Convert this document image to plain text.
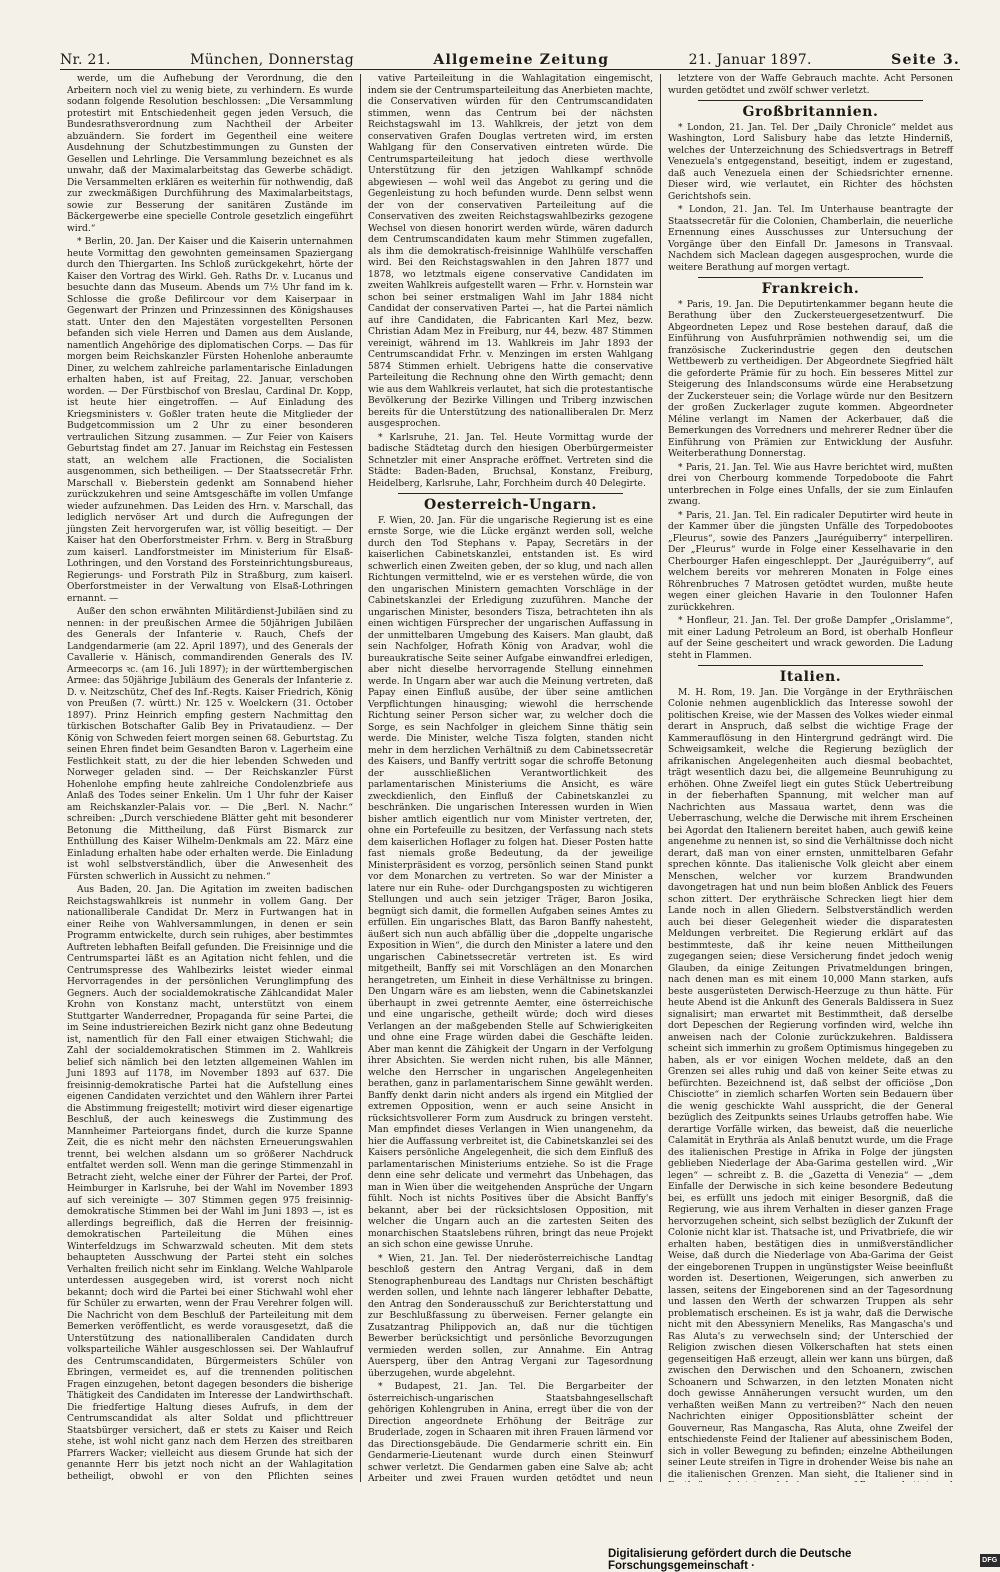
Nr. 21.	München, Donnerstag	Allgemeine Zeitung	21. Januar 1897.	Seite 3.

werde, um die Aufhebung der Verordnung, die den Arbeitern noch viel zu wenig biete, zu verhindern. Es wurde sodann folgende Resolution beschlossen: „Die Versammlung protestirt mit Entschiedenheit gegen jeden Versuch, die Bundesrathsverordnung zum Nachtheil der Arbeiter abzuändern. Sie fordert im Gegentheil eine weitere Ausdehnung der Schutzbestimmungen zu Gunsten der Gesellen und Lehrlinge. Die Versammlung bezeichnet es als unwahr, daß der Maximalarbeitstag das Gewerbe schädigt. Die Versammelten erklären es weiterhin für nothwendig, daß zur zweckmäßigen Durchführung des Maximalarbeitstags, sowie zur Besserung der sanitären Zustände im Bäckergewerbe eine specielle Controle gesetzlich eingeführt wird.“

* Berlin, 20. Jan. Der Kaiser und die Kaiserin unternahmen heute Vormittag den gewohnten gemeinsamen Spaziergang durch den Thiergarten. Ins Schloß zurückgekehrt, hörte der Kaiser den Vortrag des Wirkl. Geh. Raths Dr. v. Lucanus und besuchte dann das Museum. Abends um 7½ Uhr fand im k. Schlosse die große Defilircour vor dem Kaiserpaar in Gegenwart der Prinzen und Prinzessinnen des Königshauses statt. Unter den den Majestäten vorgestellten Personen befanden sich viele Herren und Damen aus dem Auslande, namentlich Angehörige des diplomatischen Corps. — Das für morgen beim Reichskanzler Fürsten Hohenlohe anberaumte Diner, zu welchem zahlreiche parlamentarische Einladungen erhalten haben, ist auf Freitag, 22. Januar, verschoben worden. — Der Fürstbischof von Breslau, Cardinal Dr. Kopp, ist heute hier eingetroffen. — Auf Einladung des Kriegsministers v. Goßler traten heute die Mitglieder der Budgetcommission um 2 Uhr zu einer besonderen vertraulichen Sitzung zusammen. — Zur Feier von Kaisers Geburtstag findet am 27. Januar im Reichstag ein Festessen statt, an welchem alle Fractionen, die Socialisten ausgenommen, sich betheiligen. — Der Staatssecretär Frhr. Marschall v. Bieberstein gedenkt am Sonnabend hieher zurückzukehren und seine Amtsgeschäfte im vollen Umfange wieder aufzunehmen. Das Leiden des Hrn. v. Marschall, das lediglich nervöser Art und durch die Aufregungen der jüngsten Zeit hervorgerufen war, ist völlig beseitigt. — Der Kaiser hat den Oberforstmeister Frhrn. v. Berg in Straßburg zum kaiserl. Landforstmeister im Ministerium für Elsaß-Lothringen, und den Vorstand des Forsteinrichtungsbureaus, Regierungs- und Forstrath Pilz in Straßburg, zum kaiserl. Oberforstmeister in der Verwaltung von Elsaß-Lothringen ernannt. —

Außer den schon erwähnten Militärdienst-Jubiläen sind zu nennen: in der preußischen Armee die 50jährigen Jubiläen des Generals der Infanterie v. Rauch, Chefs der Landgendarmerie (am 22. April 1897), und des Generals der Cavallerie v. Hänisch, commandirenden Generals des IV. Armeecorps ꝛc. (am 16. Juli 1897); in der württembergischen Armee: das 50jährige Jubiläum des Generals der Infanterie z. D. v. Neitzschütz, Chef des Inf.-Regts. Kaiser Friedrich, König von Preußen (7. württ.) Nr. 125 v. Woelckern (31. October 1897). Prinz Heinrich empfing gestern Nachmittag den türkischen Botschafter Galib Bey in Privataudienz. — Der König von Schweden feiert morgen seinen 68. Geburtstag. Zu seinen Ehren findet beim Gesandten Baron v. Lagerheim eine Festlichkeit statt, zu der die hier lebenden Schweden und Norweger geladen sind. — Der Reichskanzler Fürst Hohenlohe empfing heute zahlreiche Condolenzbriefe aus Anlaß des Todes seiner Enkelin. Um 1 Uhr fuhr der Kaiser am Reichskanzler-Palais vor. — Die „Berl. N. Nachr.“ schreiben: „Durch verschiedene Blätter geht mit besonderer Betonung die Mittheilung, daß Fürst Bismarck zur Enthüllung des Kaiser Wilhelm-Denkmals am 22. März eine Einladung erhalten habe oder erhalten werde. Die Einladung ist wohl selbstverständlich, über die Anwesenheit des Fürsten schwerlich in Aussicht zu nehmen.“

Aus Baden, 20. Jan. Die Agitation im zweiten badischen Reichstagswahlkreis ist nunmehr in vollem Gang. Der nationalliberale Candidat Dr. Merz in Furtwangen hat in einer Reihe von Wahlversammlungen, in denen er sein Programm entwickelte, durch sein ruhiges, aber bestimmtes Auftreten lebhaften Beifall gefunden. Die Freisinnige und die Centrumspartei läßt es an Agitation nicht fehlen, und die Centrumspresse des Wahlbezirks leistet wieder einmal Hervorragendes in der persönlichen Verunglimpfung des Gegners. Auch der socialdemokratische Zählcandidat Maler Krohn von Konstanz macht, unterstützt von einem Stuttgarter Wanderredner, Propaganda für seine Partei, die im Seine industriereichen Bezirk nicht ganz ohne Bedeutung ist, namentlich für den Fall einer etwaigen Stichwahl; die Zahl der socialdemokratischen Stimmen im 2. Wahlkreis belief sich nämlich bei den letzten allgemeinen Wahlen im Juni 1893 auf 1178, im November 1893 auf 637. Die freisinnig-demokratische Partei hat die Aufstellung eines eigenen Candidaten verzichtet und den Wählern ihrer Partei die Abstimmung freigestellt; motivirt wird dieser eigenartige Beschluß, der auch keineswegs die Zustimmung des Mannheimer Parteiorgans findet, durch die kurze Spanne Zeit, die es nicht mehr den nächsten Erneuerungswahlen trennt, bei welchen alsdann um so größerer Nachdruck entfaltet werden soll. Wenn man die geringe Stimmenzahl in Betracht zieht, welche einer der Führer der Partei, der Prof. Heimburger in Karlsruhe, bei der Wahl im November 1893 auf sich vereinigte — 307 Stimmen gegen 975 freisinnig-demokratische Stimmen bei der Wahl im Juni 1893 —, ist es allerdings begreiflich, daß die Herren der freisinnig-demokratischen Parteileitung die Mühen eines Winterfeldzugs im Schwarzwald scheuten. Mit dem stets behaupteten Ausschwung der Partei steht ein solches Verhalten freilich nicht sehr im Einklang. Welche Wahlparole unterdessen ausgegeben wird, ist vorerst noch nicht bekannt; doch wird die Partei bei einer Stichwahl wohl eher für Schüler zu erwarten, wenn der Frau Verehrer folgen will. Die Nachricht von dem Beschluß der Parteileitung mit dem Bemerken veröffentlicht, es werde vorausgesetzt, daß die Unterstützung des nationalliberalen Candidaten durch volksparteiliche Wähler ausgeschlossen sei. Der Wahlaufruf des Centrumscandidaten, Bürgermeisters Schüler von Ebringen, vermeidet es, auf die trennenden politischen Fragen einzugehen, betont dagegen besonders die bisherige Thätigkeit des Candidaten im Interesse der Landwirthschaft. Die friedfertige Haltung dieses Aufrufs, in dem der Centrumscandidat als alter Soldat und pflichttreuer Staatsbürger versichert, daß er stets zu Kaiser und Reich stehe, ist wohl nicht ganz nach dem Herzen des streitbaren Pfarrers Wacker; vielleicht aus diesem Grunde hat sich der genannte Herr bis jetzt noch nicht an der Wahlagitation betheiligt, obwohl er von den Pflichten seines

vative Parteileitung in die Wahlagitation eingemischt, indem sie der Centrumsparteileitung das Anerbieten machte, die Conservativen würden für den Centrumscandidaten stimmen, wenn das Centrum bei der nächsten Reichstagswahl im 13. Wahlkreis, der jetzt von dem conservativen Grafen Douglas vertreten wird, im ersten Wahlgang für den Conservativen eintreten würde. Die Centrumsparteileitung hat jedoch diese werthvolle Unterstützung für den jetzigen Wahlkampf schnöde abgewiesen — wohl weil das Angebot zu gering und die Gegenleistung zu hoch befunden wurde. Denn selbst wenn der von der conservativen Parteileitung auf die Conservativen des zweiten Reichstagswahlbezirks gezogene Wechsel von diesen honorirt werden würde, wären dadurch dem Centrumscandidaten kaum mehr Stimmen zugefallen, als ihm die demokratisch-freisinnige Wahlhülfe verschaffen wird. Bei den Reichstagswahlen in den Jahren 1877 und 1878, wo letztmals eigene conservative Candidaten im zweiten Wahlkreis aufgestellt waren — Frhr. v. Hornstein war schon bei seiner erstmaligen Wahl im Jahr 1884 nicht Candidat der conservativen Partei —, hat die Partei nämlich auf ihre Candidaten, die Fabricanten Karl Mez, bezw. Christian Adam Mez in Freiburg, nur 44, bezw. 487 Stimmen vereinigt, während im 13. Wahlkreis im Jahr 1893 der Centrumscandidat Frhr. v. Menzingen im ersten Wahlgang 5874 Stimmen erhielt. Uebrigens hatte die conservative Parteileitung die Rechnung ohne den Wirth gemacht; denn wie aus dem Wahlkreis verlautet, hat sich die protestantische Bevölkerung der Bezirke Villingen und Triberg inzwischen bereits für die Unterstützung des nationalliberalen Dr. Merz ausgesprochen.

* Karlsruhe, 21. Jan. Tel. Heute Vormittag wurde der badische Städtetag durch den hiesigen Oberbürgermeister Schnetzler mit einer Ansprache eröffnet. Vertreten sind die Städte: Baden-Baden, Bruchsal, Konstanz, Freiburg, Heidelberg, Karlsruhe, Lahr, Forchheim durch 40 Delegirte.

Oesterreich-Ungarn.

F. Wien, 20. Jan. Für die ungarische Regierung ist es eine ernste Sorge, wie die Lücke ergänzt werden soll, welche durch den Tod Stephans v. Papay, Secretärs in der kaiserlichen Cabinetskanzlei, entstanden ist. Es wird schwerlich einen Zweiten geben, der so klug, und nach allen Richtungen vermittelnd, wie er es verstehen würde, die von den ungarischen Ministern gemachten Vorschläge in der Cabinetskanzlei der Erledigung zuzuführen. Manche der ungarischen Minister, besonders Tisza, betrachteten ihn als einen wichtigen Fürsprecher der ungarischen Auffassung in der unmittelbaren Umgebung des Kaisers. Man glaubt, daß sein Nachfolger, Hofrath König von Aradvar, wohl die bureaukratische Seite seiner Aufgabe einwandfrei erledigen, aber nicht dieselbe hervorragende Stellung einnehmen werde. In Ungarn aber war auch die Meinung vertreten, daß Papay einen Einfluß ausübe, der über seine amtlichen Verpflichtungen hinausging; wiewohl die herrschende Richtung seiner Person sicher war, zu welcher doch die Sorge, es sein Nachfolger in gleichem Sinne thätig sein werde. Die Minister, welche Tisza folgten, standen nicht mehr in dem herzlichen Verhältniß zu dem Cabinetssecretär des Kaisers, und Banffy vertritt sogar die schroffe Betonung der ausschließlichen Verantwortlichkeit des parlamentarischen Ministeriums die Ansicht, es wäre zweckdienlich, den Einfluß der Cabinetskanzlei zu beschränken. Die ungarischen Interessen wurden in Wien bisher amtlich eigentlich nur vom Minister vertreten, der, ohne ein Portefeuille zu besitzen, der Verfassung nach stets dem kaiserlichen Hoflager zu folgen hat. Dieser Posten hatte fast niemals große Bedeutung, da der jeweilige Ministerpräsident es vorzog, persönlich seinen Stand punkt vor dem Monarchen zu vertreten. So war der Minister a latere nur ein Ruhe- oder Durchgangsposten zu wichtigeren Stellungen und auch sein jetziger Träger, Baron Josika, begnügt sich damit, die formellen Aufgaben seines Amtes zu erfüllen. Ein ungarisches Blatt, das Baron Banffy nahesteht, äußert sich nun auch abfällig über die „doppelte ungarische Exposition in Wien“, die durch den Minister a latere und den ungarischen Cabinetssecretär vertreten ist. Es wird mitgetheilt, Banffy sei mit Vorschlägen an den Monarchen herangetreten, um Einheit in diese Verhältnisse zu bringen. Den Ungarn wäre es am liebsten, wenn die Cabinetskanzlei überhaupt in zwei getrennte Aemter, eine österreichische und eine ungarische, getheilt würde; doch wird dieses Verlangen an der maßgebenden Stelle auf Schwierigkeiten und ohne eine Frage würden dabei die Geschäfte leiden. Aber man kennt die Zähigkeit der Ungarn in der Verfolgung ihrer Absichten. Sie werden nicht ruhen, bis alle Männer, welche den Herrscher in ungarischen Angelegenheiten berathen, ganz in parlamentarischem Sinne gewählt werden. Banffy denkt darin nicht anders als irgend ein Mitglied der extremen Opposition, wenn er auch seine Ansicht in rücksichtsvollerer Form zum Ausdruck zu bringen versteht. Man empfindet dieses Verlangen in Wien unangenehm, da hier die Auffassung verbreitet ist, die Cabinetskanzlei sei des Kaisers persönliche Angelegenheit, die sich dem Einfluß des parlamentarischen Ministeriums entziehe. So ist die Frage denn eine sehr delicate und vermehrt das Unbehagen, das man in Wien über die weitgehenden Ansprüche der Ungarn fühlt. Noch ist nichts Positives über die Absicht Banffy's bekannt, aber bei der rücksichtslosen Opposition, mit welcher die Ungarn auch an die zartesten Seiten des monarchischen Staatslebens rühren, bringt das neue Projekt an sich schon eine gewisse Unruhe.

* Wien, 21. Jan. Tel. Der niederösterreichische Landtag beschloß gestern den Antrag Vergani, daß in dem Stenographenbureau des Landtags nur Christen beschäftigt werden sollen, und lehnte nach längerer lebhafter Debatte, den Antrag den Sonderausschuß zur Berichterstattung und zur Beschlußfassung zu überweisen. Ferner gelangte ein Zusatzantrag Philippovich an, daß nur die tüchtigen Bewerber berücksichtigt und persönliche Bevorzugungen vermieden werden sollen, zur Annahme. Ein Antrag Auersperg, über den Antrag Vergani zur Tagesordnung überzugehen, wurde abgelehnt.

* Budapest, 21. Jan. Tel. Die Bergarbeiter der österreichisch-ungarischen Staatsbahngesellschaft gehörigen Kohlengruben in Anina, erregt über die von der Direction angeordnete Erhöhung der Beiträge zur Bruderlade, zogen in Schaaren mit ihren Frauen lärmend vor das Directionsgebäude. Die Gendarmerie schritt ein. Ein Gendarmerie-Lieutenant wurde durch einen Steinwurf schwer verletzt. Die Gendarmen gaben eine Salve ab; acht Arbeiter und zwei Frauen wurden getödtet und neun

letztere von der Waffe Gebrauch machte. Acht Personen wurden getödtet und zwölf schwer verletzt.

Großbritannien.

* London, 21. Jan. Tel. Der „Daily Chronicle“ meldet aus Washington, Lord Salisbury habe das letzte Hinderniß, welches der Unterzeichnung des Schiedsvertrags in Betreff Venezuela's entgegenstand, beseitigt, indem er zugestand, daß auch Venezuela einen der Schiedsrichter ernenne. Dieser wird, wie verlautet, ein Richter des höchsten Gerichtshofs sein.

* London, 21. Jan. Tel. Im Unterhause beantragte der Staatssecretär für die Colonien, Chamberlain, die neuerliche Ernennung eines Ausschusses zur Untersuchung der Vorgänge über den Einfall Dr. Jamesons in Transvaal. Nachdem sich Maclean dagegen ausgesprochen, wurde die weitere Berathung auf morgen vertagt.

Frankreich.

* Paris, 19. Jan. Die Deputirtenkammer begann heute die Berathung über den Zuckersteuergesetzentwurf. Die Abgeordneten Lepez und Rose bestehen darauf, daß die Einführung von Ausfuhrprämien nothwendig sei, um die französische Zuckerindustrie gegen den deutschen Wettbewerb zu vertheidigen. Der Abgeordnete Siegfried hält die geforderte Prämie für zu hoch. Ein besseres Mittel zur Steigerung des Inlandsconsums würde eine Herabsetzung der Zuckersteuer sein; die Vorlage würde nur den Besitzern der großen Zuckerlager zugute kommen. Abgeordneter Méline verlangt im Namen der Ackerbauer, daß die Bemerkungen des Vorredners und mehrerer Redner über die Einführung von Prämien zur Entwicklung der Ausfuhr. Weiterberathung Donnerstag.

* Paris, 21. Jan. Tel. Wie aus Havre berichtet wird, mußten drei von Cherbourg kommende Torpedoboote die Fahrt unterbrechen in Folge eines Unfalls, der sie zum Einlaufen zwang.

* Paris, 21. Jan. Tel. Ein radicaler Deputirter wird heute in der Kammer über die jüngsten Unfälle des Torpedobootes „Fleurus“, sowie des Panzers „Jauréguiberry“ interpelliren. Der „Fleurus“ wurde in Folge einer Kesselhavarie in den Cherbourger Hafen eingeschleppt. Der „Jauréguiberry“, auf welchem bereits vor mehreren Monaten in Folge eines Röhrenbruches 7 Matrosen getödtet wurden, mußte heute wegen einer gleichen Havarie in den Toulonner Hafen zurückkehren.

* Honfleur, 21. Jan. Tel. Der große Dampfer „Orislamme“, mit einer Ladung Petroleum an Bord, ist oberhalb Honfleur auf der Seine gescheitert und wrack geworden. Die Ladung steht in Flammen.

Italien.

M. H. Rom, 19. Jan. Die Vorgänge in der Erythräischen Colonie nehmen augenblicklich das Interesse sowohl der politischen Kreise, wie der Massen des Volkes wieder einmal derart in Anspruch, daß selbst die wichtige Frage der Kammerauflösung in den Hintergrund gedrängt wird. Die Schweigsamkeit, welche die Regierung bezüglich der afrikanischen Angelegenheiten auch diesmal beobachtet, trägt wesentlich dazu bei, die allgemeine Beunruhigung zu erhöhen. Ohne Zweifel liegt ein gutes Stück Uebertreibung in der fieberhaften Spannung, mit welcher man auf Nachrichten aus Massaua wartet, denn was die Ueberraschung, welche die Derwische mit ihrem Erscheinen bei Agordat den Italienern bereitet haben, auch gewiß keine angenehme zu nennen ist, so sind die Verhältnisse doch nicht derart, daß man von einer ernsten, unmittelbaren Gefahr sprechen könnte. Das italienische Volk gleicht aber einem Menschen, welcher vor kurzem Brandwunden davongetragen hat und nun beim bloßen Anblick des Feuers schon zittert. Der erythräische Schrecken liegt hier dem Lande noch in allen Gliedern. Selbstverständlich werden auch bei dieser Gelegenheit wieder die disparatesten Meldungen verbreitet. Die Regierung erklärt auf das bestimmteste, daß ihr keine neuen Mittheilungen zugegangen seien; diese Versicherung findet jedoch wenig Glauben, da einige Zeitungen Privatmeldungen bringen, nach denen man es mit einem 10,000 Mann starken, aufs beste ausgerüsteten Derwisch-Heerzuge zu thun hätte. Für heute Abend ist die Ankunft des Generals Baldissera in Suez signalisirt; man erwartet mit Bestimmtheit, daß derselbe dort Depeschen der Regierung vorfinden wird, welche ihn anweisen nach der Colonie zurückzukehren. Baldissera scheint sich immerhin zu großem Optimismus hingegeben zu haben, als er vor einigen Wochen meldete, daß an den Grenzen sei alles ruhig und daß von keiner Seite etwas zu befürchten. Bezeichnend ist, daß selbst der officiöse „Don Chisciotte“ in ziemlich scharfen Worten sein Bedauern über die wenig geschickte Wahl ausspricht, die der General bezüglich des Zeitpunkts seines Urlaubs getroffen habe. Wie derartige Vorfälle wirken, das beweist, daß die neuerliche Calamität in Erythräa als Anlaß benutzt wurde, um die Frage des italienischen Prestige in Afrika in Folge der jüngsten geblieben Niederlage der Aba-Garima gestellen wird. „Wir legen“ — schreibt z. B. die „Gazetta di Venezia“ — „dem Einfalle der Derwische in sich keine besondere Bedeutung bei, es erfüllt uns jedoch mit einiger Besorgniß, daß die Regierung, wie aus ihrem Verhalten in dieser ganzen Frage hervorzugehen scheint, sich selbst bezüglich der Zukunft der Colonie nicht klar ist. Thatsache ist, und Privatbriefe, die wir erhalten haben, bestätigen dies in unmißverständlicher Weise, daß durch die Niederlage von Aba-Garima der Geist der eingeborenen Truppen in ungünstigster Weise beeinflußt worden ist. Desertionen, Weigerungen, sich anwerben zu lassen, seitens der Eingeborenen sind an der Tagesordnung und lassen den Werth der schwarzen Truppen als sehr problematisch erscheinen. Es ist ja wahr, daß die Derwische nicht mit den Abessyniern Meneliks, Ras Mangascha's und Ras Aluta's zu verwechseln sind; der Unterschied der Religion zwischen diesen Völkerschaften hat stets einen gegenseitigen Haß erzeugt, allein wer kann uns bürgen, daß zwischen den Derwischen und den Schoanern, zwischen Schoanern und Schwarzen, in den letzten Monaten nicht doch gewisse Annäherungen versucht wurden, um den verhaßten weißen Mann zu vertreiben?“ Nach den neuen Nachrichten einiger Oppositionsblätter scheint der Gouverneur, Ras Mangascha, Ras Aluta, ohne Zweifel der entschiedenste Feind der Italiener auf abessinischem Boden, sich in voller Bewegung zu befinden; einzelne Abtheilungen seiner Leute streifen in Tigre in drohender Weise bis nahe an die italienischen Grenzen. Man sieht, die Italiener sind in

Digitalisierung gefördert durch die Deutsche Forschungsgemeinschaft ·	DFG
